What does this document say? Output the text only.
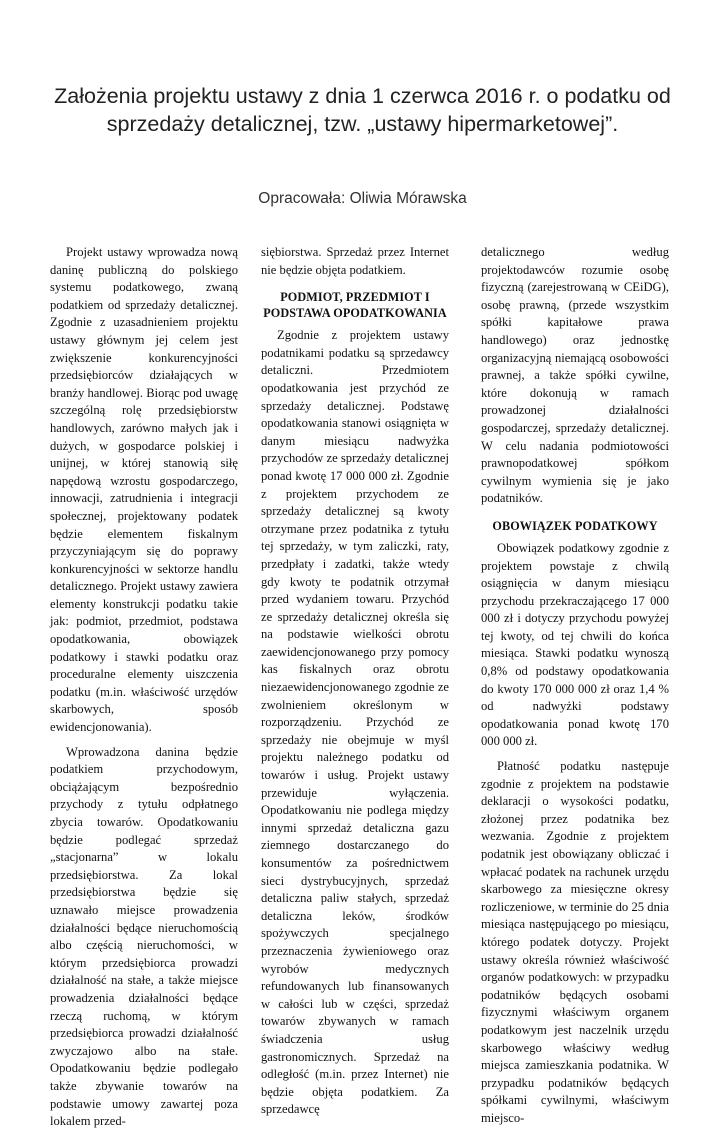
Założenia projektu ustawy z dnia 1 czerwca 2016 r. o podatku od sprzedaży detalicznej, tzw. „ustawy hipermarketowej”.
Opracowała: Oliwia Mórawska

Projekt ustawy wprowadza nową daninę publiczną do polskiego systemu podatkowego, zwaną podatkiem od sprzedaży detalicznej. Zgodnie z uzasadnieniem projektu ustawy głównym jej celem jest zwiększenie konkurencyjności przedsiębiorców działających w branży handlowej. Biorąc pod uwagę szczególną rolę przedsiębiorstw handlowych, zarówno małych jak i dużych, w gospodarce polskiej i unijnej, w której stanowią siłę napędową wzrostu gospodarczego, innowacji, zatrudnienia i integracji społecznej, projektowany podatek będzie elementem fiskalnym przyczyniającym się do poprawy konkurencyjności w sektorze handlu detalicznego. Projekt ustawy zawiera elementy konstrukcji podatku takie jak: podmiot, przedmiot, podstawa opodatkowania, obowiązek podatkowy i stawki podatku oraz proceduralne elementy uiszczenia podatku (m.in. właściwość urzędów skarbowych, sposób ewidencjonowania).

Wprowadzona danina będzie podatkiem przychodowym, obciążającym bezpośrednio przychody z tytułu odpłatnego zbycia towarów. Opodatkowaniu będzie podlegać sprzedaż „stacjonarna” w lokalu przedsiębiorstwa. Za lokal przedsiębiorstwa będzie się uznawało miejsce prowadzenia działalności będące nieruchomością albo częścią nieruchomości, w którym przedsiębiorca prowadzi działalność na stałe, a także miejsce prowadzenia działalności będące rzeczą ruchomą, w którym przedsiębiorca prowadzi działalność zwyczajowo albo na stałe. Opodatkowaniu będzie podlegało także zbywanie towarów na podstawie umowy zawartej poza lokalem przed-

siębiorstwa. Sprzedaż przez Internet nie będzie objęta podatkiem.

PODMIOT, PRZEDMIOT I PODSTAWA OPODATKOWANIA

Zgodnie z projektem ustawy podatnikami podatku są sprzedawcy detaliczni. Przedmiotem opodatkowania jest przychód ze sprzedaży detalicznej. Podstawę opodatkowania stanowi osiągnięta w danym miesiącu nadwyżka przychodów ze sprzedaży detalicznej ponad kwotę 17 000 000 zł. Zgodnie z projektem przychodem ze sprzedaży detalicznej są kwoty otrzymane przez podatnika z tytułu tej sprzedaży, w tym zaliczki, raty, przedpłaty i zadatki, także wtedy gdy kwoty te podatnik otrzymał przed wydaniem towaru. Przychód ze sprzedaży detalicznej określa się na podstawie wielkości obrotu zaewidencjonowanego przy pomocy kas fiskalnych oraz obrotu niezaewidencjonowanego zgodnie ze zwolnieniem określonym w rozporządzeniu. Przychód ze sprzedaży nie obejmuje w myśl projektu należnego podatku od towarów i usług. Projekt ustawy przewiduje wyłączenia. Opodatkowaniu nie podlega między innymi sprzedaż detaliczna gazu ziemnego dostarczanego do konsumentów za pośrednictwem sieci dystrybucyjnych, sprzedaż detaliczna paliw stałych, sprzedaż detaliczna leków, środków spożywczych specjalnego przeznaczenia żywieniowego oraz wyrobów medycznych refundowanych lub finansowanych w całości lub w części, sprzedaż towarów zbywanych w ramach świadczenia usług gastronomicznych. Sprzedaż na odległość (m.in. przez Internet) nie będzie objęta podatkiem. Za sprzedawcę

detalicznego według projektodawców rozumie osobę fizyczną (zarejestrowaną w CEiDG), osobę prawną, (przede wszystkim spółki kapitałowe prawa handlowego) oraz jednostkę organizacyjną niemającą osobowości prawnej, a także spółki cywilne, które dokonują w ramach prowadzonej działalności gospodarczej, sprzedaży detalicznej. W celu nadania podmiotowości prawnopodatkowej spółkom cywilnym wymienia się je jako podatników.

OBOWIĄZEK PODATKOWY

Obowiązek podatkowy zgodnie z projektem powstaje z chwilą osiągnięcia w danym miesiącu przychodu przekraczającego 17 000 000 zł i dotyczy przychodu powyżej tej kwoty, od tej chwili do końca miesiąca. Stawki podatku wynoszą 0,8% od podstawy opodatkowania do kwoty 170 000 000 zł oraz 1,4 % od nadwyżki podstawy opodatkowania ponad kwotę 170 000 000 zł.

Płatność podatku następuje zgodnie z projektem na podstawie deklaracji o wysokości podatku, złożonej przez podatnika bez wezwania. Zgodnie z projektem podatnik jest obowiązany obliczać i wpłacać podatek na rachunek urzędu skarbowego za miesięczne okresy rozliczeniowe, w terminie do 25 dnia miesiąca następującego po miesiącu, którego podatek dotyczy. Projekt ustawy określa również właściwość organów podatkowych: w przypadku podatników będących osobami fizycznymi właściwym organem podatkowym jest naczelnik urzędu skarbowego właściwy według miejsca zamieszkania podatnika. W przypadku podatników będących spółkami cywilnymi, właściwym miejsco-
